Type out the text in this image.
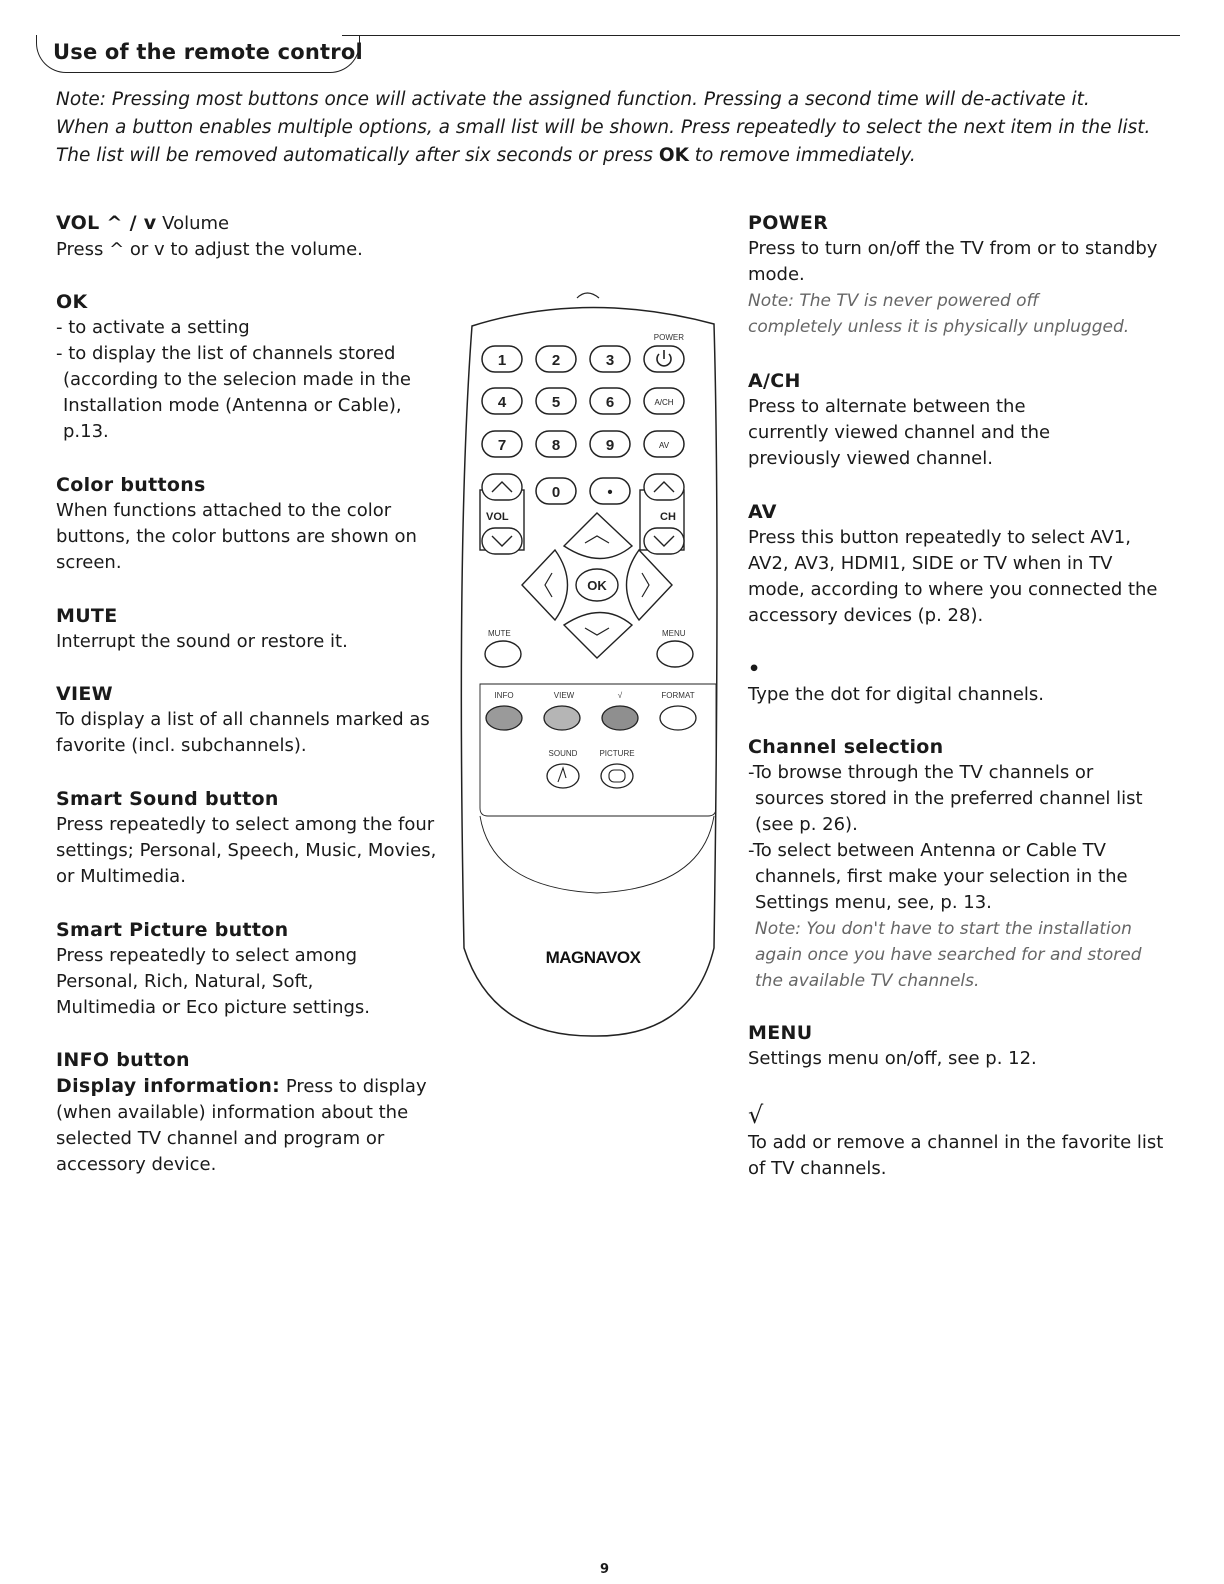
Use of the remote control
Note: Pressing most buttons once will activate the assigned function. Pressing a second time will de-activate it.
When a button enables multiple options, a small list will be shown. Press repeatedly to select the next item in the list.
The list will be removed automatically after six seconds or press OK to remove immediately.

VOL ^ / v Volume

Press ^ or v to adjust the volume.

OK

- to activate a setting

- to display the list of channels stored

(according to the selecion made in the

Installation mode (Antenna or Cable),

p.13.

Color buttons

When functions attached to the color

buttons, the color buttons are shown on

screen.

MUTE

Interrupt the sound or restore it.

VIEW

To display a list of all channels marked as

favorite (incl. subchannels).

Smart Sound button

Press repeatedly to select among the four

settings; Personal, Speech, Music, Movies,

or Multimedia.

Smart Picture button

Press repeatedly to select among

Personal, Rich, Natural, Soft,

Multimedia or Eco picture settings.

INFO button

Display information: Press to display

(when available) information about the

selected TV channel and program or

accessory device.

POWER

Press to turn on/off the TV from or to standby

mode.

Note: The TV is never powered off

completely unless it is physically unplugged.

A/CH

Press to alternate between the

currently viewed channel and the

previously viewed channel.

AV

Press this button repeatedly to select AV1,

AV2, AV3, HDMI1, SIDE or TV when in TV

mode, according to where you connected the

accessory devices (p. 28).

•

Type the dot for digital channels.

Channel selection

-To browse through the TV channels or

sources stored in the preferred channel list

(see p. 26).

-To select between Antenna or Cable TV

channels, first make your selection in the

Settings menu, see, p. 13.

Note: You don't have to start the installation

again once you have searched for and stored

the available TV channels.

MENU

Settings menu on/off, see p. 12.

√

To add or remove a channel in the favorite list

of TV channels.

POWER
1	2	3
4	5	6
7	8	9
0	•
A/CH
AV
VOL	CH
OK
MUTE	MENU
INFO	VIEW	√	FORMAT
SOUND	PICTURE
MAGNAVOX
9
